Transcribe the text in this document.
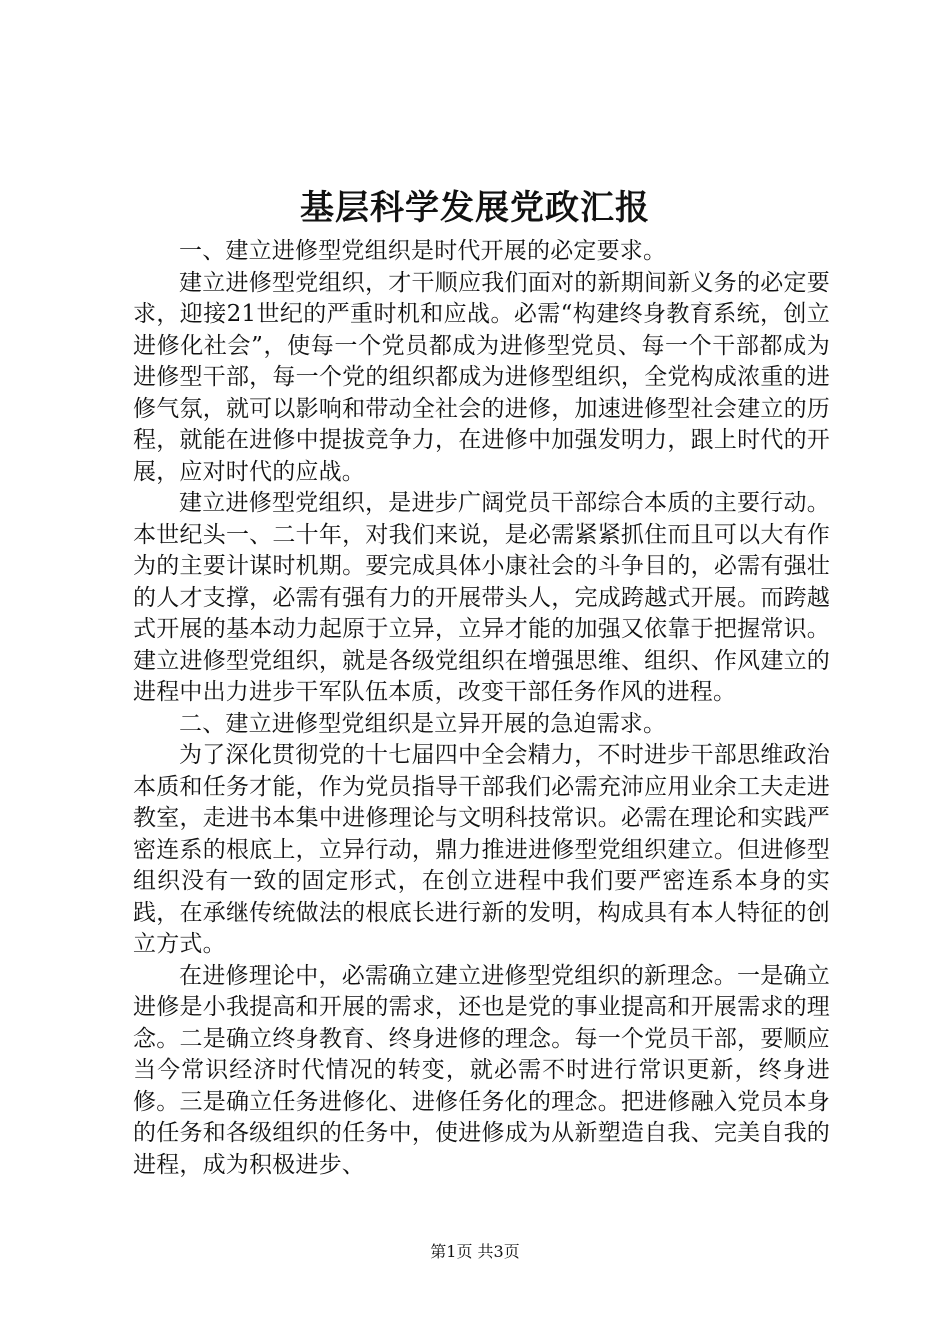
基层科学发展党政汇报

一、建立进修型党组织是时代开展的必定要求。

建立进修型党组织，才干顺应我们面对的新期间新义务的必定要求，迎接21世纪的严重时机和应战。必需“构建终身教育系统，创立进修化社会”，使每一个党员都成为进修型党员、每一个干部都成为进修型干部，每一个党的组织都成为进修型组织，全党构成浓重的进修气氛，就可以影响和带动全社会的进修，加速进修型社会建立的历程，就能在进修中提拔竞争力，在进修中加强发明力，跟上时代的开展，应对时代的应战。

建立进修型党组织，是进步广阔党员干部综合本质的主要行动。本世纪头一、二十年，对我们来说，是必需紧紧抓住而且可以大有作为的主要计谋时机期。要完成具体小康社会的斗争目的，必需有强壮的人才支撑，必需有强有力的开展带头人，完成跨越式开展。而跨越式开展的基本动力起原于立异，立异才能的加强又依靠于把握常识。建立进修型党组织，就是各级党组织在增强思维、组织、作风建立的进程中出力进步干军队伍本质，改变干部任务作风的进程。

二、建立进修型党组织是立异开展的急迫需求。

为了深化贯彻党的十七届四中全会精力，不时进步干部思维政治本质和任务才能，作为党员指导干部我们必需充沛应用业余工夫走进教室，走进书本集中进修理论与文明科技常识。必需在理论和实践严密连系的根底上，立异行动，鼎力推进进修型党组织建立。但进修型组织没有一致的固定形式，在创立进程中我们要严密连系本身的实践，在承继传统做法的根底长进行新的发明，构成具有本人特征的创立方式。

在进修理论中，必需确立建立进修型党组织的新理念。一是确立进修是小我提高和开展的需求，还也是党的事业提高和开展需求的理念。二是确立终身教育、终身进修的理念。每一个党员干部，要顺应当今常识经济时代情况的转变，就必需不时进行常识更新，终身进修。三是确立任务进修化、进修任务化的理念。把进修融入党员本身的任务和各级组织的任务中，使进修成为从新塑造自我、完美自我的进程，成为积极进步、

第1页 共3页
